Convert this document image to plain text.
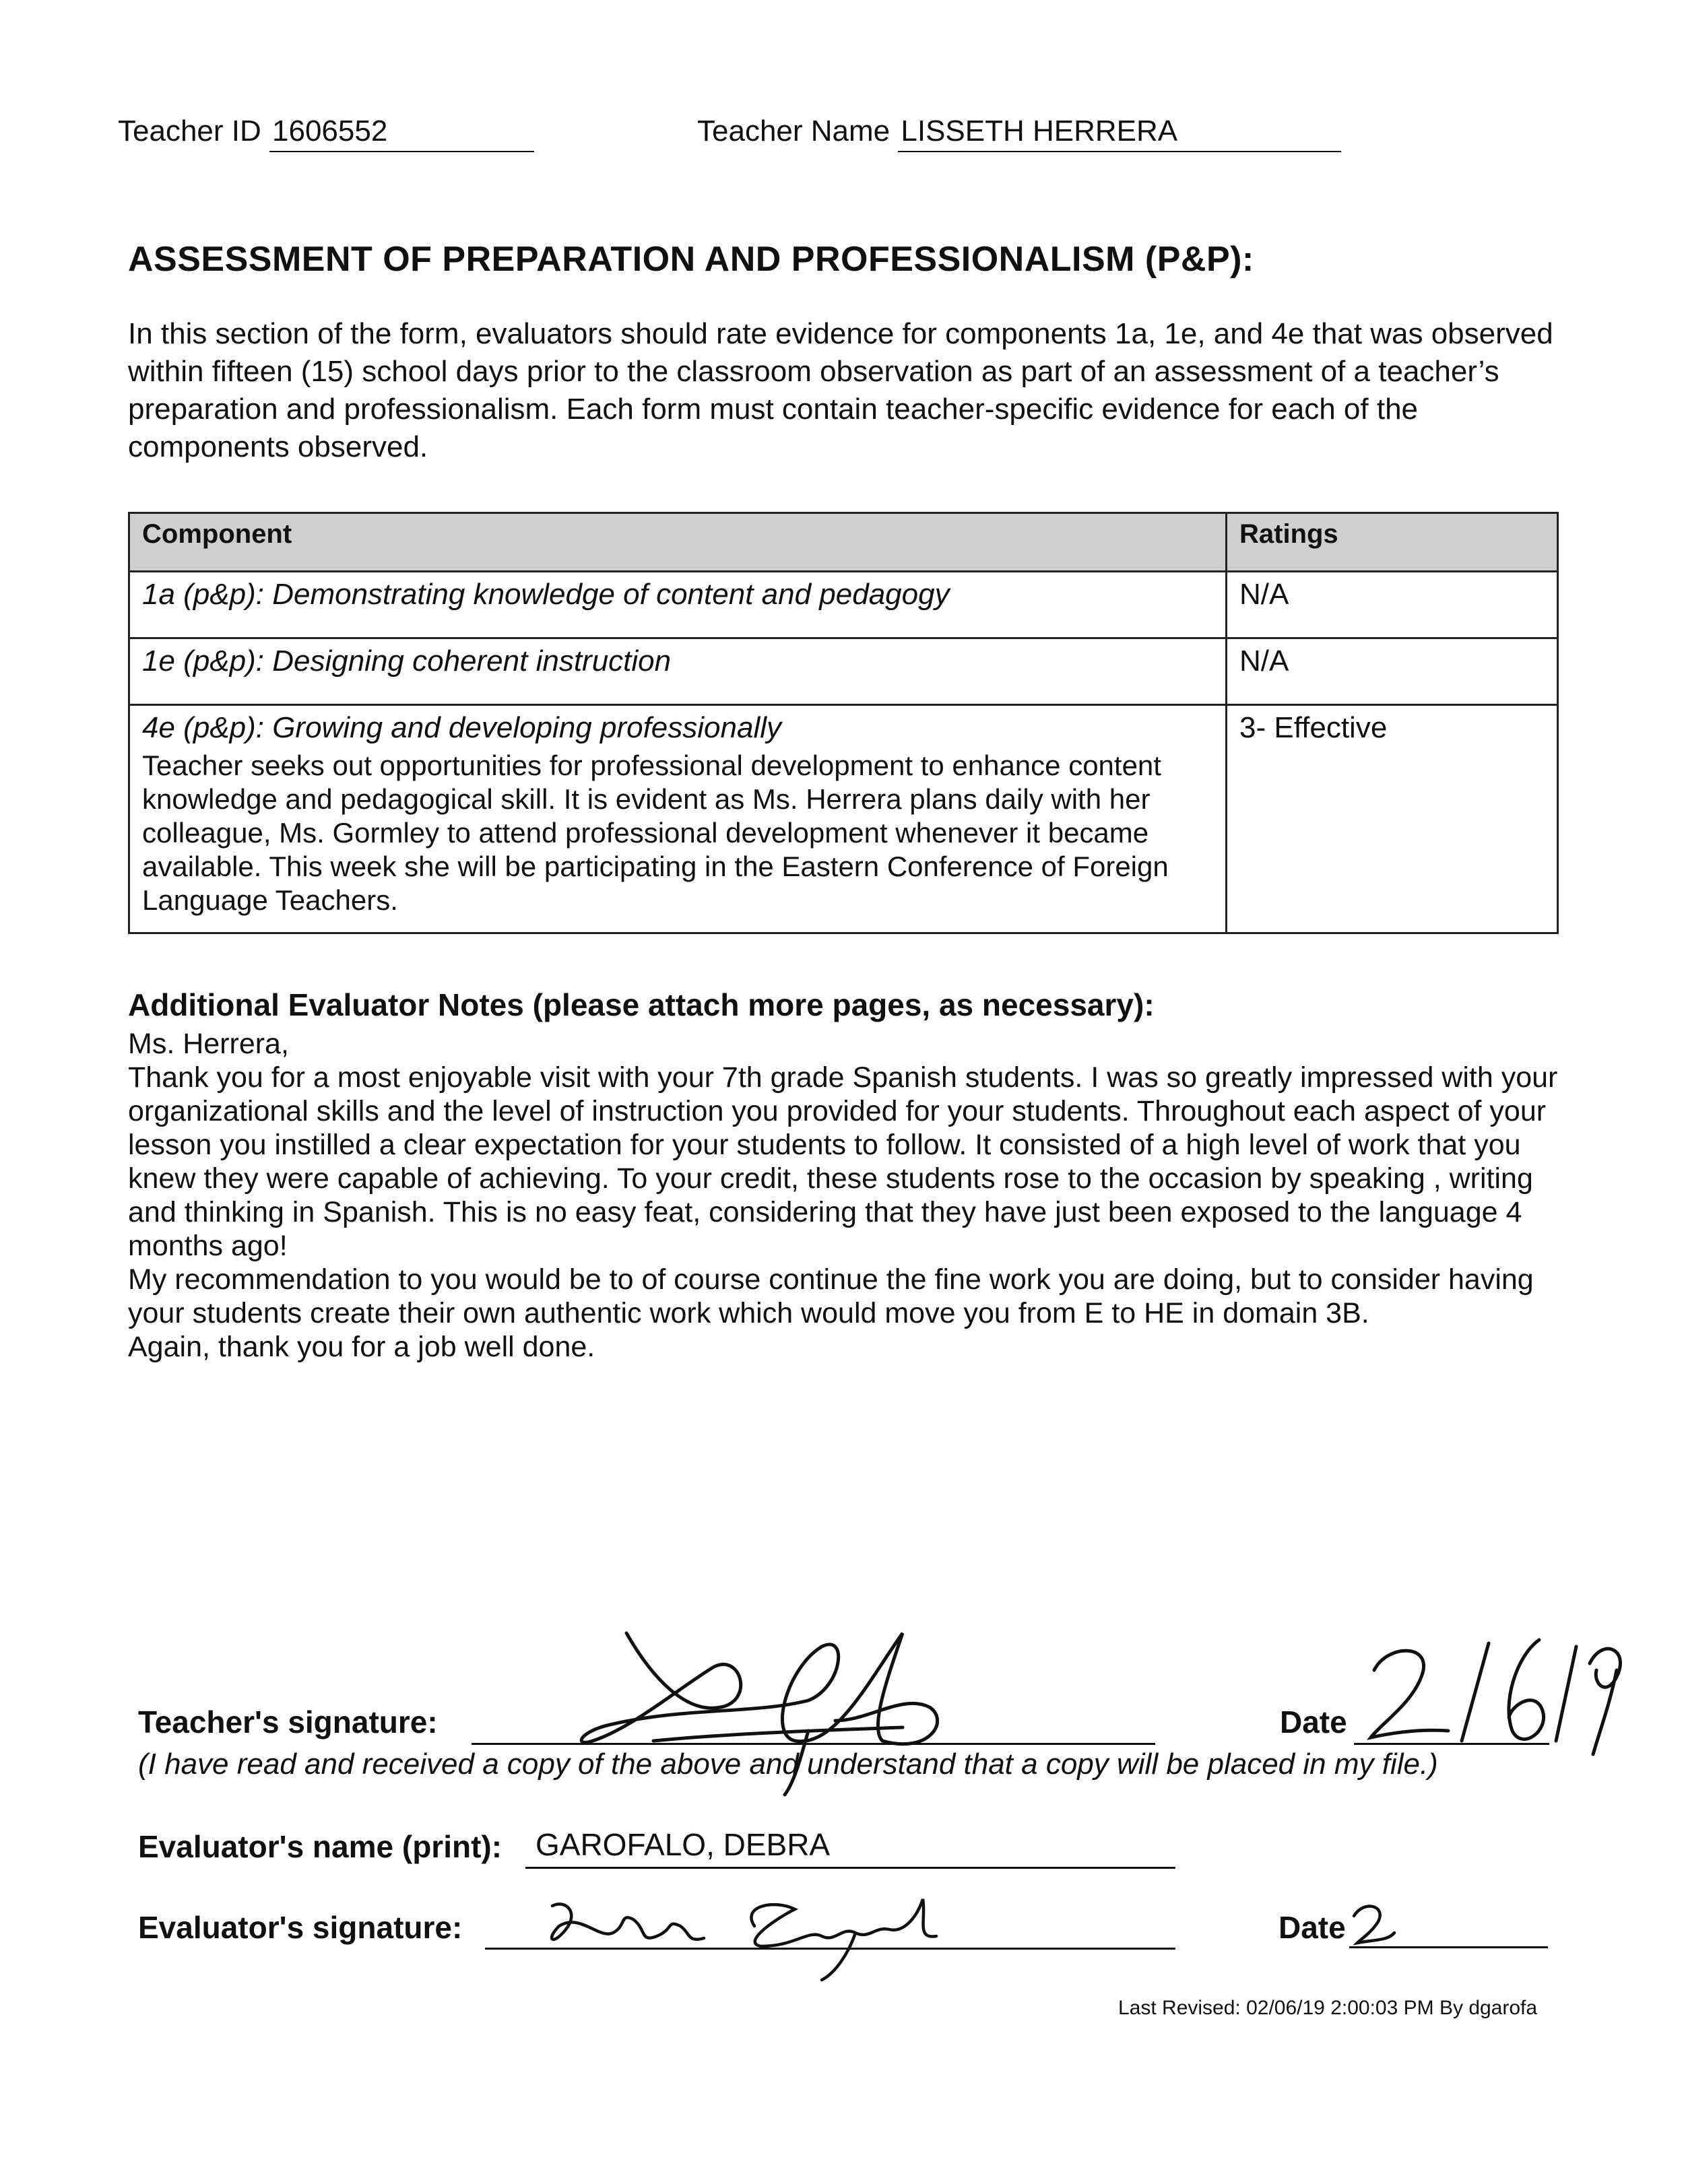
Teacher ID 1606552	Teacher Name LISSETH HERRERA
ASSESSMENT OF PREPARATION AND PROFESSIONALISM (P&P):
In this section of the form, evaluators should rate evidence for components 1a, 1e, and 4e that was observed within fifteen (15) school days prior to the classroom observation as part of an assessment of a teacher’s preparation and professionalism. Each form must contain teacher-specific evidence for each of the components observed.
Component	Ratings

1a (p&p): Demonstrating knowledge of content and pedagogy	N/A

1e (p&p): Designing coherent instruction	N/A

4e (p&p): Growing and developing professionally
Teacher seeks out opportunities for professional development to enhance content knowledge and pedagogical skill. It is evident as Ms. Herrera plans daily with her colleague, Ms. Gormley to attend professional development whenever it became available. This week she will be participating in the Eastern Conference of Foreign Language Teachers.	3- Effective
Additional Evaluator Notes (please attach more pages, as necessary):

Ms. Herrera,

Thank you for a most enjoyable visit with your 7th grade Spanish students. I was so greatly impressed with your organizational skills and the level of instruction you provided for your students. Throughout each aspect of your lesson you instilled a clear expectation for your students to follow. It consisted of a high level of work that you knew they were capable of achieving. To your credit, these students rose to the occasion by speaking , writing and thinking in Spanish. This is no easy feat, considering that they have just been exposed to the language 4 months ago!

My recommendation to you would be to of course continue the fine work you are doing, but to consider having your students create their own authentic work which would move you from E to HE in domain 3B.

Again, thank you for a job well done.

Teacher's signature:	Date
(I have read and received a copy of the above and understand that a copy will be placed in my file.)
Evaluator's name (print): GAROFALO, DEBRA
Evaluator's signature:	Date
Last Revised: 02/06/19 2:00:03 PM By dgarofa
